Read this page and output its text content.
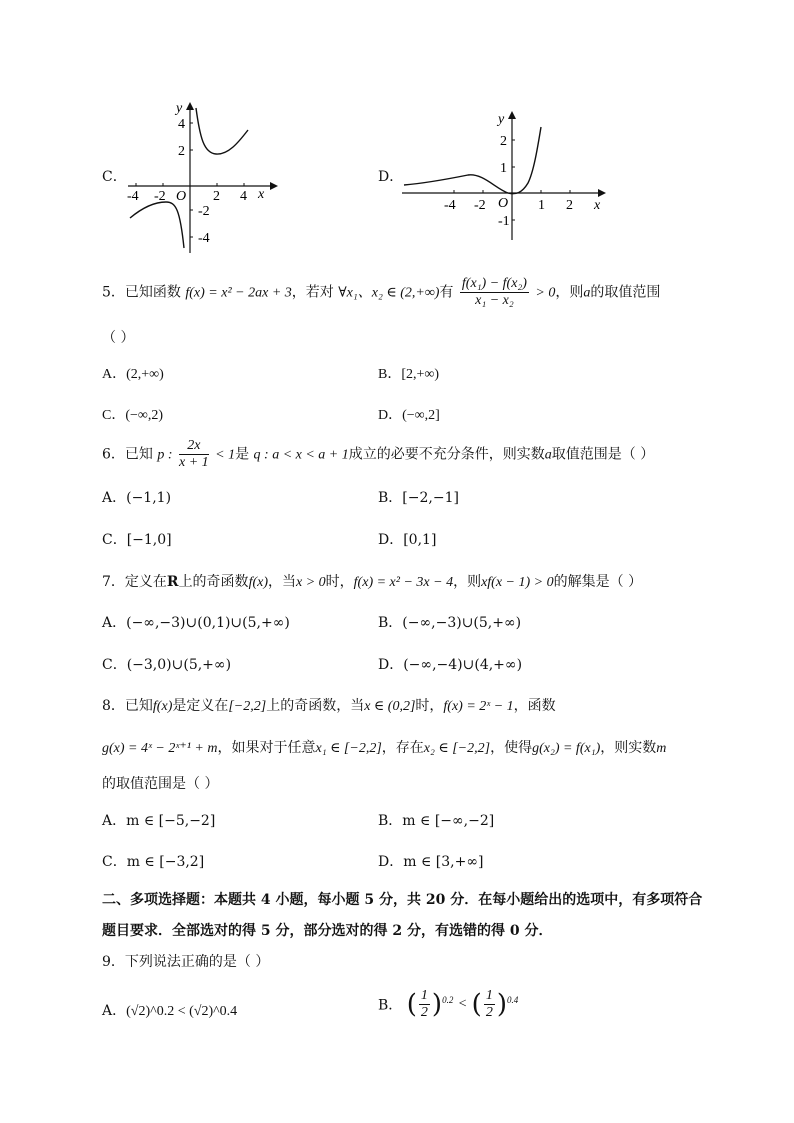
C．
y
x
O
-4 -2	2 4
4
2
-2
-4
D．
y
x
O
-4 -2	1 2
2
1
-1
5．已知函数 f(x) = x² − 2ax + 3，若对 ∀x₁、x₂ ∈ (2,+∞)有 $\frac{\text{f(x₁) − f(x₂)}}{\text{x₁ − x₂}} > 0$，则a的取值范围
（ ）
A．(2,+∞)	B．[2,+∞)
C．(−∞,2)	D．(−∞,2]
6．已知 p : $\frac{2x}{x + 1} < 1$是 q : a < x < a + 1成立的必要不充分条件，则实数a取值范围是（ ）
A．(−1,1)	B．[−2,−1]
C．[−1,0]	D．[0,1]
7．定义在R上的奇函数f(x)，当x > 0时，f(x) = x² − 3x − 4，则xf(x − 1) > 0的解集是（ ）
A．(−∞,−3)∪(0,1)∪(5,+∞)	B．(−∞,−3)∪(5,+∞)
C．(−3,0)∪(5,+∞)	D．(−∞,−4)∪(4,+∞)
8．已知f(x)是定义在[−2,2]上的奇函数，当x ∈ (0,2]时，f(x) = 2ˣ − 1，函数
g(x) = 4ˣ − 2ˣ⁺¹ + m，如果对于任意x₁ ∈ [−2,2]，存在x₂ ∈ [−2,2]，使得g(x₂) = f(x₁)，则实数m
的取值范围是（ ）
A．m ∈ [−5,−2]	B．m ∈ [−∞,−2]
C．m ∈ [−3,2]	D．m ∈ [3,+∞]
二、多项选择题：本题共 4 小题，每小题 5 分，共 20 分．在每小题给出的选项中，有多项符合
题目要求．全部选对的得 5 分，部分选对的得 2 分，有选错的得 0 分．
9．下列说法正确的是（ ）
A．(√2)^0.2 < (√2)^0.4	B． ( $\frac{1}{2} )^{0.2}$ < ( $\frac{1}{2} )^{0.4}$
